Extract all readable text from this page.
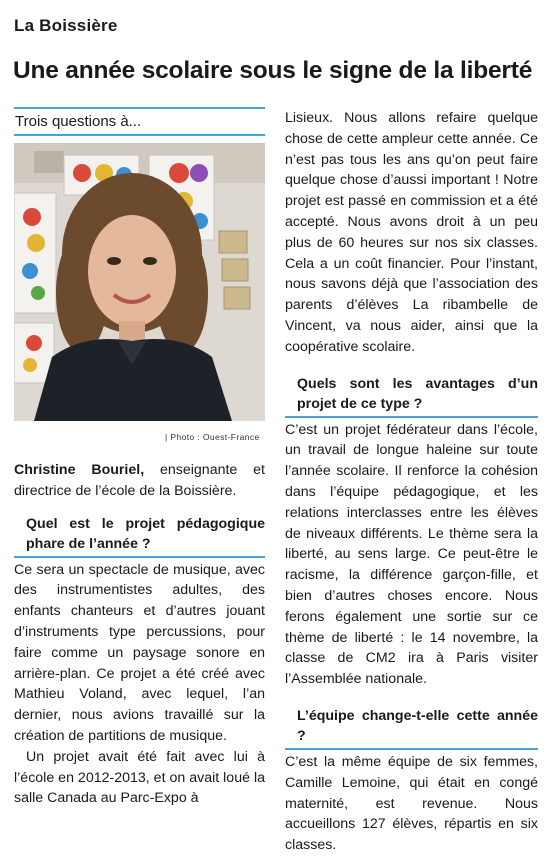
La Boissière
Une année scolaire sous le signe de la liberté
Trois questions à...
| Photo : Ouest-France

Christine Bouriel, enseignante et directrice de l’école de la Boissière.

Quel est le projet pédagogique phare de l’année ?

Ce sera un spectacle de musique, avec des instrumentistes adultes, des enfants chanteurs et d’autres jouant d’instruments type percussions, pour faire comme un paysage sonore en arrière-plan. Ce projet a été créé avec Mathieu Voland, avec lequel, l’an dernier, nous avions travaillé sur la création de partitions de musique.

Un projet avait été fait avec lui à l’école en 2012-2013, et on avait loué la salle Canada au Parc-Expo à

Lisieux. Nous allons refaire quelque chose de cette ampleur cette année. Ce n’est pas tous les ans qu’on peut faire quelque chose d’aussi important ! Notre projet est passé en commission et a été accepté. Nous avons droit à un peu plus de 60 heures sur nos six classes. Cela a un coût financier. Pour l’instant, nous savons déjà que l’association des parents d’élèves La ribambelle de Vincent, va nous aider, ainsi que la coopérative scolaire.

Quels sont les avantages d’un projet de ce type ?

C’est un projet fédérateur dans l’école, un travail de longue haleine sur toute l’année scolaire. Il renforce la cohésion dans l’équipe pédagogique, et les relations interclasses entre les élèves de niveaux différents. Le thème sera la liberté, au sens large. Ce peut-être le racisme, la différence garçon-fille, et bien d’autres choses encore. Nous ferons également une sortie sur ce thème de liberté : le 14 novembre, la classe de CM2 ira à Paris visiter l’Assemblée nationale.

L’équipe change-t-elle cette année ?

C’est la même équipe de six femmes, Camille Lemoine, qui était en congé maternité, est revenue. Nous accueillons 127 élèves, répartis en six classes.
